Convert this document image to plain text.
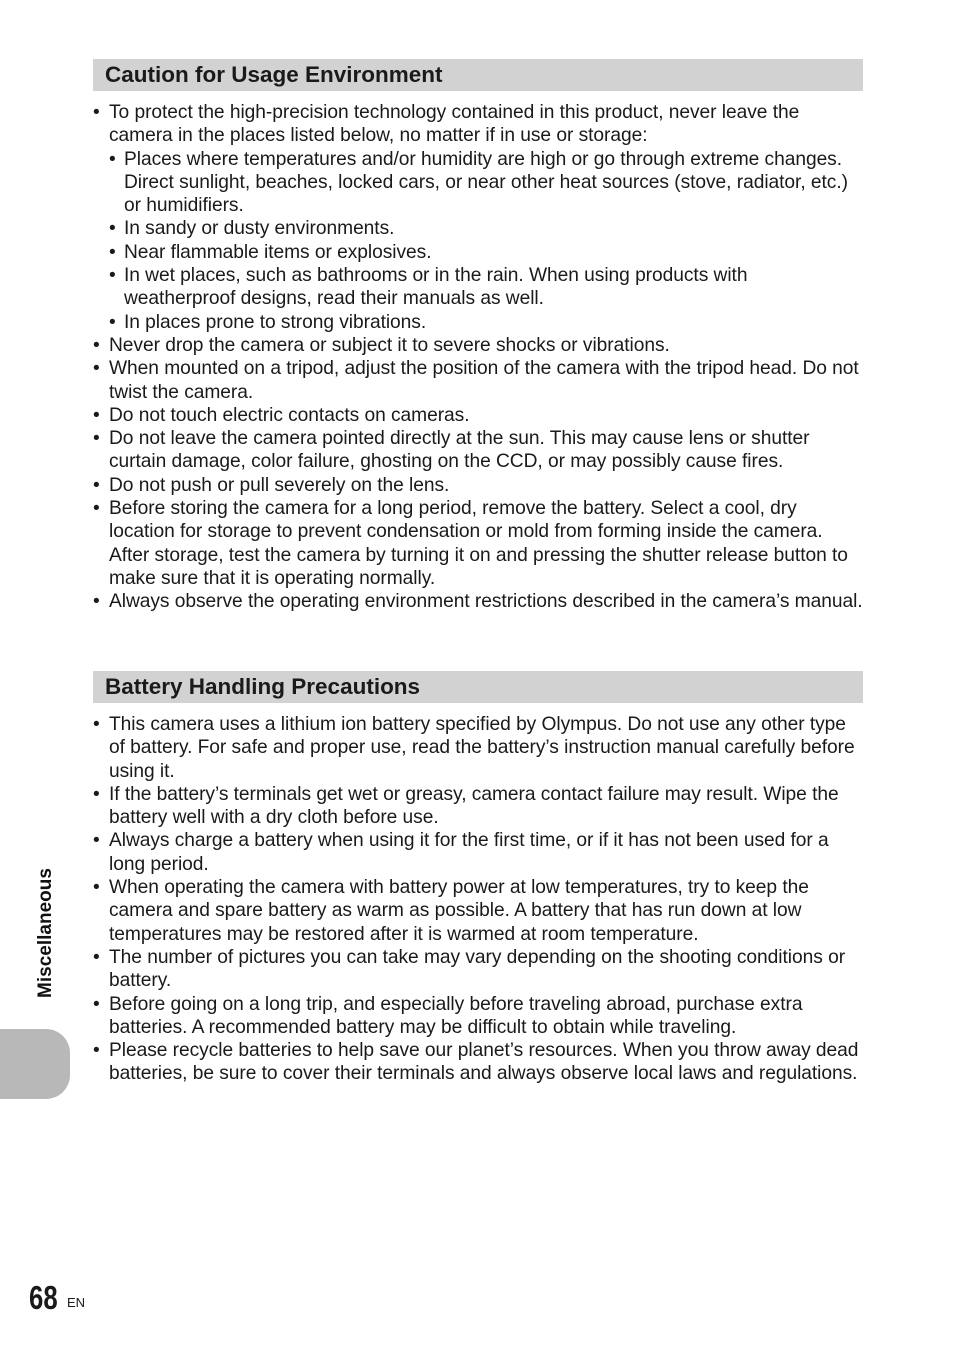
Caution for Usage Environment
• To protect the high-precision technology contained in this product, never leave the camera in the places listed below, no matter if in use or storage:
• Places where temperatures and/or humidity are high or go through extreme changes. Direct sunlight, beaches, locked cars, or near other heat sources (stove, radiator, etc.) or humidifiers.
• In sandy or dusty environments.
• Near flammable items or explosives.
• In wet places, such as bathrooms or in the rain. When using products with weatherproof designs, read their manuals as well.
• In places prone to strong vibrations.
• Never drop the camera or subject it to severe shocks or vibrations.
• When mounted on a tripod, adjust the position of the camera with the tripod head. Do not twist the camera.
• Do not touch electric contacts on cameras.
• Do not leave the camera pointed directly at the sun. This may cause lens or shutter curtain damage, color failure, ghosting on the CCD, or may possibly cause fires.
• Do not push or pull severely on the lens.
• Before storing the camera for a long period, remove the battery. Select a cool, dry location for storage to prevent condensation or mold from forming inside the camera. After storage, test the camera by turning it on and pressing the shutter release button to make sure that it is operating normally.
• Always observe the operating environment restrictions described in the camera’s manual.
Battery Handling Precautions
• This camera uses a lithium ion battery specified by Olympus. Do not use any other type of battery. For safe and proper use, read the battery’s instruction manual carefully before using it.
• If the battery’s terminals get wet or greasy, camera contact failure may result. Wipe the battery well with a dry cloth before use.
• Always charge a battery when using it for the first time, or if it has not been used for a long period.
• When operating the camera with battery power at low temperatures, try to keep the camera and spare battery as warm as possible. A battery that has run down at low temperatures may be restored after it is warmed at room temperature.
• The number of pictures you can take may vary depending on the shooting conditions or battery.
• Before going on a long trip, and especially before traveling abroad, purchase extra batteries. A recommended battery may be difficult to obtain while traveling.
• Please recycle batteries to help save our planet’s resources. When you throw away dead batteries, be sure to cover their terminals and always observe local laws and regulations.
Miscellaneous
68 EN
